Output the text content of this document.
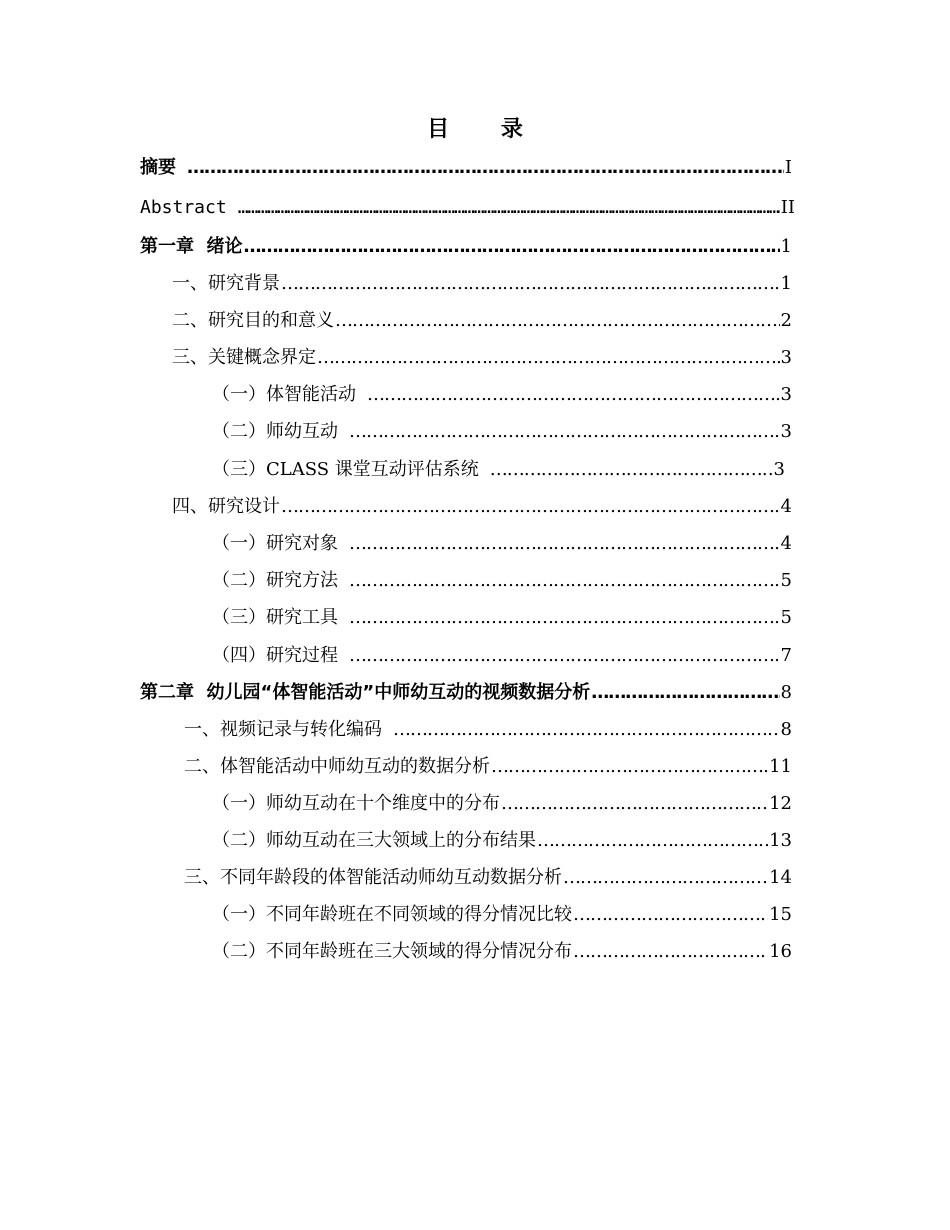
目 录
摘要 …………………………………………………………………………………………………………………………………………………………………………………………………………………………………………………………………………	I
Abstract …………………………………………………………………………………………………………………………………………………………………………………………………………………………………………………………………………	II
第一章  绪论 …………………………………………………………………………………………………………………………………………………………………………………………………………………………………………………………………………	1
一、研究背景 …………………………………………………………………………………………………………………………………………………………………………………………………………………………………………………………………………	1
二、研究目的和意义 …………………………………………………………………………………………………………………………………………………………………………………………………………………………………………………………………………	2
三、关键概念界定 …………………………………………………………………………………………………………………………………………………………………………………………………………………………………………………………………………	3
（一）体智能活动 …………………………………………………………………………………………………………………………………………………………………………………………………………………………………………………………………………	3
（二）师幼互动 …………………………………………………………………………………………………………………………………………………………………………………………………………………………………………………………………………	3
（三）CLASS 课堂互动评估系统 …………………………………………………………………………………………………………………………………………………………………………………………………………………………………………………………………………	3
四、研究设计 …………………………………………………………………………………………………………………………………………………………………………………………………………………………………………………………………………	4
（一）研究对象 …………………………………………………………………………………………………………………………………………………………………………………………………………………………………………………………………………	4
（二）研究方法 …………………………………………………………………………………………………………………………………………………………………………………………………………………………………………………………………………	5
（三）研究工具 …………………………………………………………………………………………………………………………………………………………………………………………………………………………………………………………………………	5
（四）研究过程 …………………………………………………………………………………………………………………………………………………………………………………………………………………………………………………………………………	7
第二章  幼儿园“体智能活动”中师幼互动的视频数据分析 …………………………………………………………………………………………………………………………………………………………………………………………………………………………………………………………………………	8
一、视频记录与转化编码 …………………………………………………………………………………………………………………………………………………………………………………………………………………………………………………………………………	8
二、体智能活动中师幼互动的数据分析 …………………………………………………………………………………………………………………………………………………………………………………………………………………………………………………………………………	11
（一）师幼互动在十个维度中的分布 …………………………………………………………………………………………………………………………………………………………………………………………………………………………………………………………………………	12
（二）师幼互动在三大领域上的分布结果 …………………………………………………………………………………………………………………………………………………………………………………………………………………………………………………………………………	13
三、不同年龄段的体智能活动师幼互动数据分析 …………………………………………………………………………………………………………………………………………………………………………………………………………………………………………………………………………	14
（一）不同年龄班在不同领域的得分情况比较 …………………………………………………………………………………………………………………………………………………………………………………………………………………………………………………………………………	15
（二）不同年龄班在三大领域的得分情况分布 …………………………………………………………………………………………………………………………………………………………………………………………………………………………………………………………………………	16
